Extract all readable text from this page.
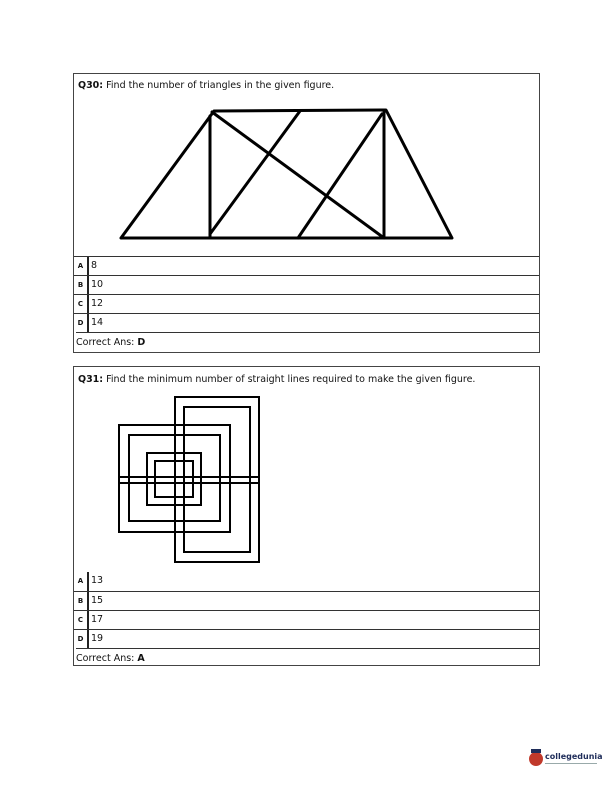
Q30: Find the number of triangles in the given figure.
A 8
B 10
C 12
D 14
Correct Ans: D
Q31: Find the minimum number of straight lines required to make the given figure.
A 13
B 15
C 17
D 19
Correct Ans: A
collegedunia
